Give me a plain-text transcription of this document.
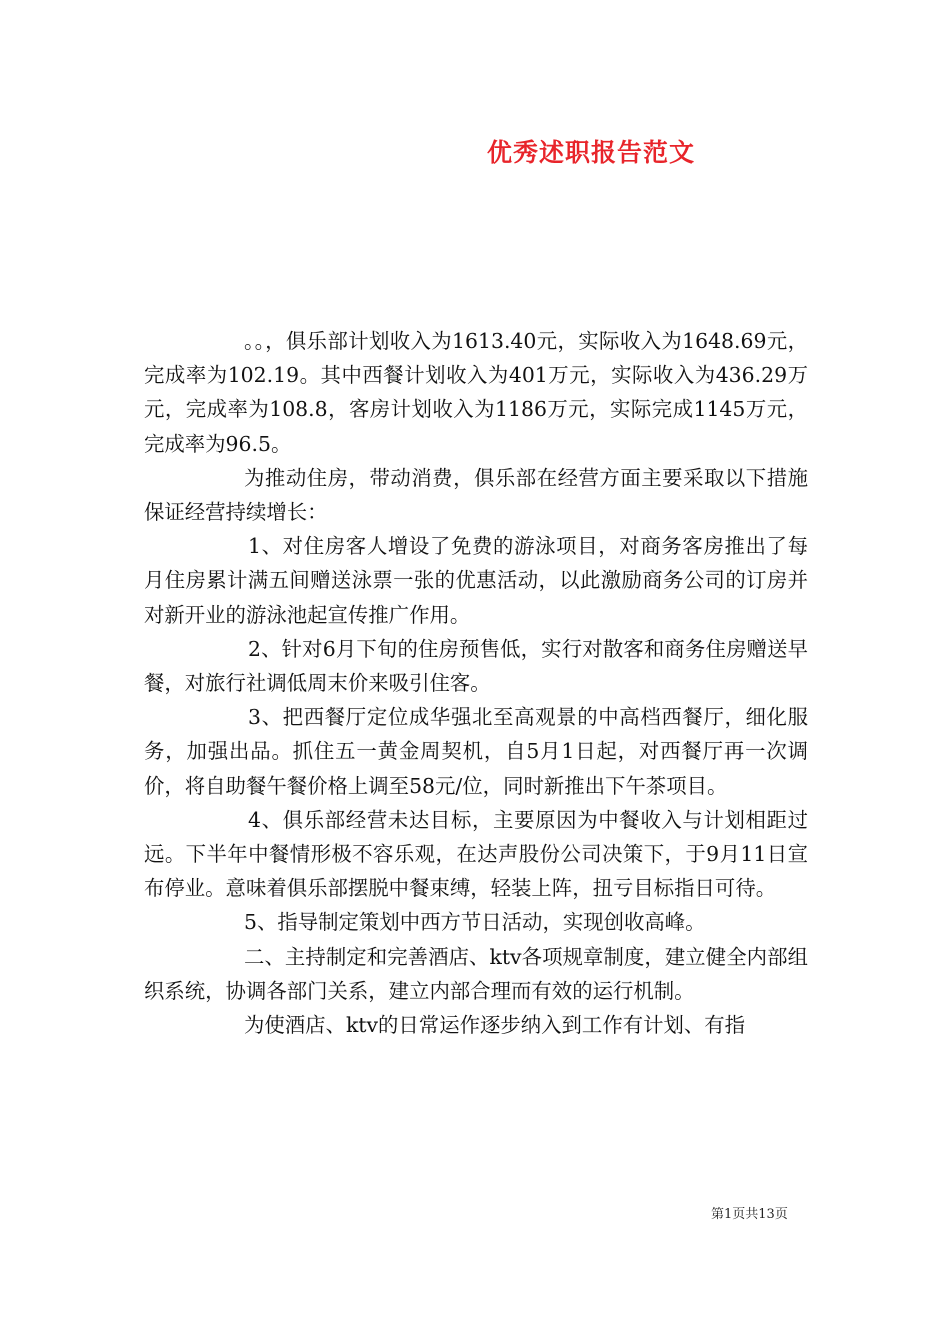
优秀述职报告范文

。。，俱乐部计划收入为1613.40元，实际收入为1648.69元，完成率为102.19。其中西餐计划收入为401万元，实际收入为436.29万元，完成率为108.8，客房计划收入为1186万元，实际完成1145万元，完成率为96.5。

为推动住房，带动消费，俱乐部在经营方面主要采取以下措施保证经营持续增长：

1、对住房客人增设了免费的游泳项目，对商务客房推出了每月住房累计满五间赠送泳票一张的优惠活动，以此激励商务公司的订房并对新开业的游泳池起宣传推广作用。

2、针对6月下旬的住房预售低，实行对散客和商务住房赠送早餐，对旅行社调低周末价来吸引住客。

3、把西餐厅定位成华强北至高观景的中高档西餐厅，细化服务，加强出品。抓住五一黄金周契机，自5月1日起，对西餐厅再一次调价，将自助餐午餐价格上调至58元/位，同时新推出下午茶项目。

4、俱乐部经营未达目标，主要原因为中餐收入与计划相距过远。下半年中餐情形极不容乐观，在达声股份公司决策下，于9月11日宣布停业。意味着俱乐部摆脱中餐束缚，轻装上阵，扭亏目标指日可待。

5、指导制定策划中西方节日活动，实现创收高峰。

二、主持制定和完善酒店、ktv各项规章制度，建立健全内部组织系统，协调各部门关系，建立内部合理而有效的运行机制。

为使酒店、ktv的日常运作逐步纳入到工作有计划、有指

第1页共13页
